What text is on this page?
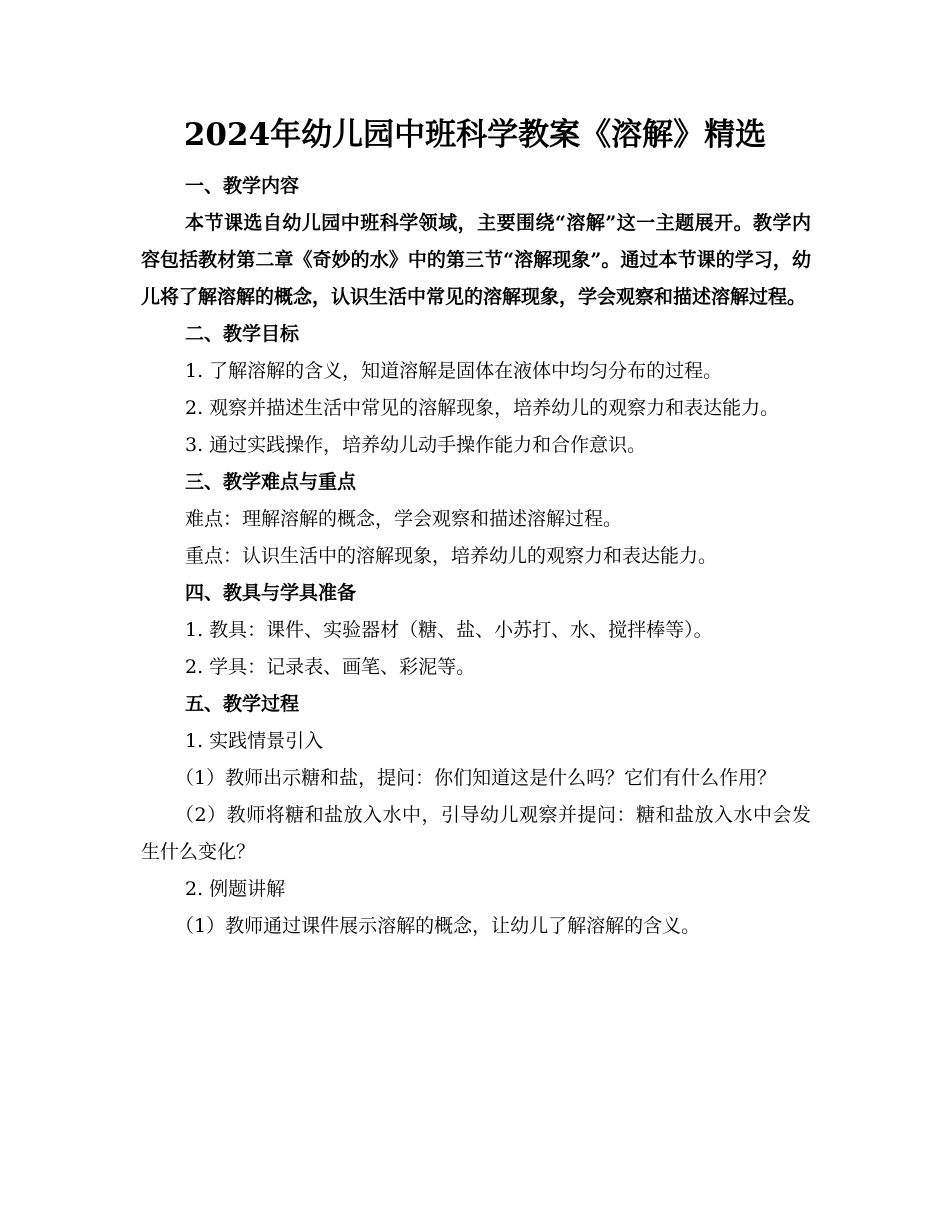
2024年幼儿园中班科学教案《溶解》精选

一、教学内容

本节课选自幼儿园中班科学领域，主要围绕“溶解”这一主题展开。教学内容包括教材第二章《奇妙的水》中的第三节“溶解现象”。通过本节课的学习，幼儿将了解溶解的概念，认识生活中常见的溶解现象，学会观察和描述溶解过程。

二、教学目标

1. 了解溶解的含义，知道溶解是固体在液体中均匀分布的过程。

2. 观察并描述生活中常见的溶解现象，培养幼儿的观察力和表达能力。

3. 通过实践操作，培养幼儿动手操作能力和合作意识。

三、教学难点与重点

难点：理解溶解的概念，学会观察和描述溶解过程。

重点：认识生活中的溶解现象，培养幼儿的观察力和表达能力。

四、教具与学具准备

1. 教具：课件、实验器材（糖、盐、小苏打、水、搅拌棒等）。

2. 学具：记录表、画笔、彩泥等。

五、教学过程

1. 实践情景引入

（1）教师出示糖和盐，提问：你们知道这是什么吗？它们有什么作用？

（2）教师将糖和盐放入水中，引导幼儿观察并提问：糖和盐放入水中会发生什么变化？

2. 例题讲解

（1）教师通过课件展示溶解的概念，让幼儿了解溶解的含义。
